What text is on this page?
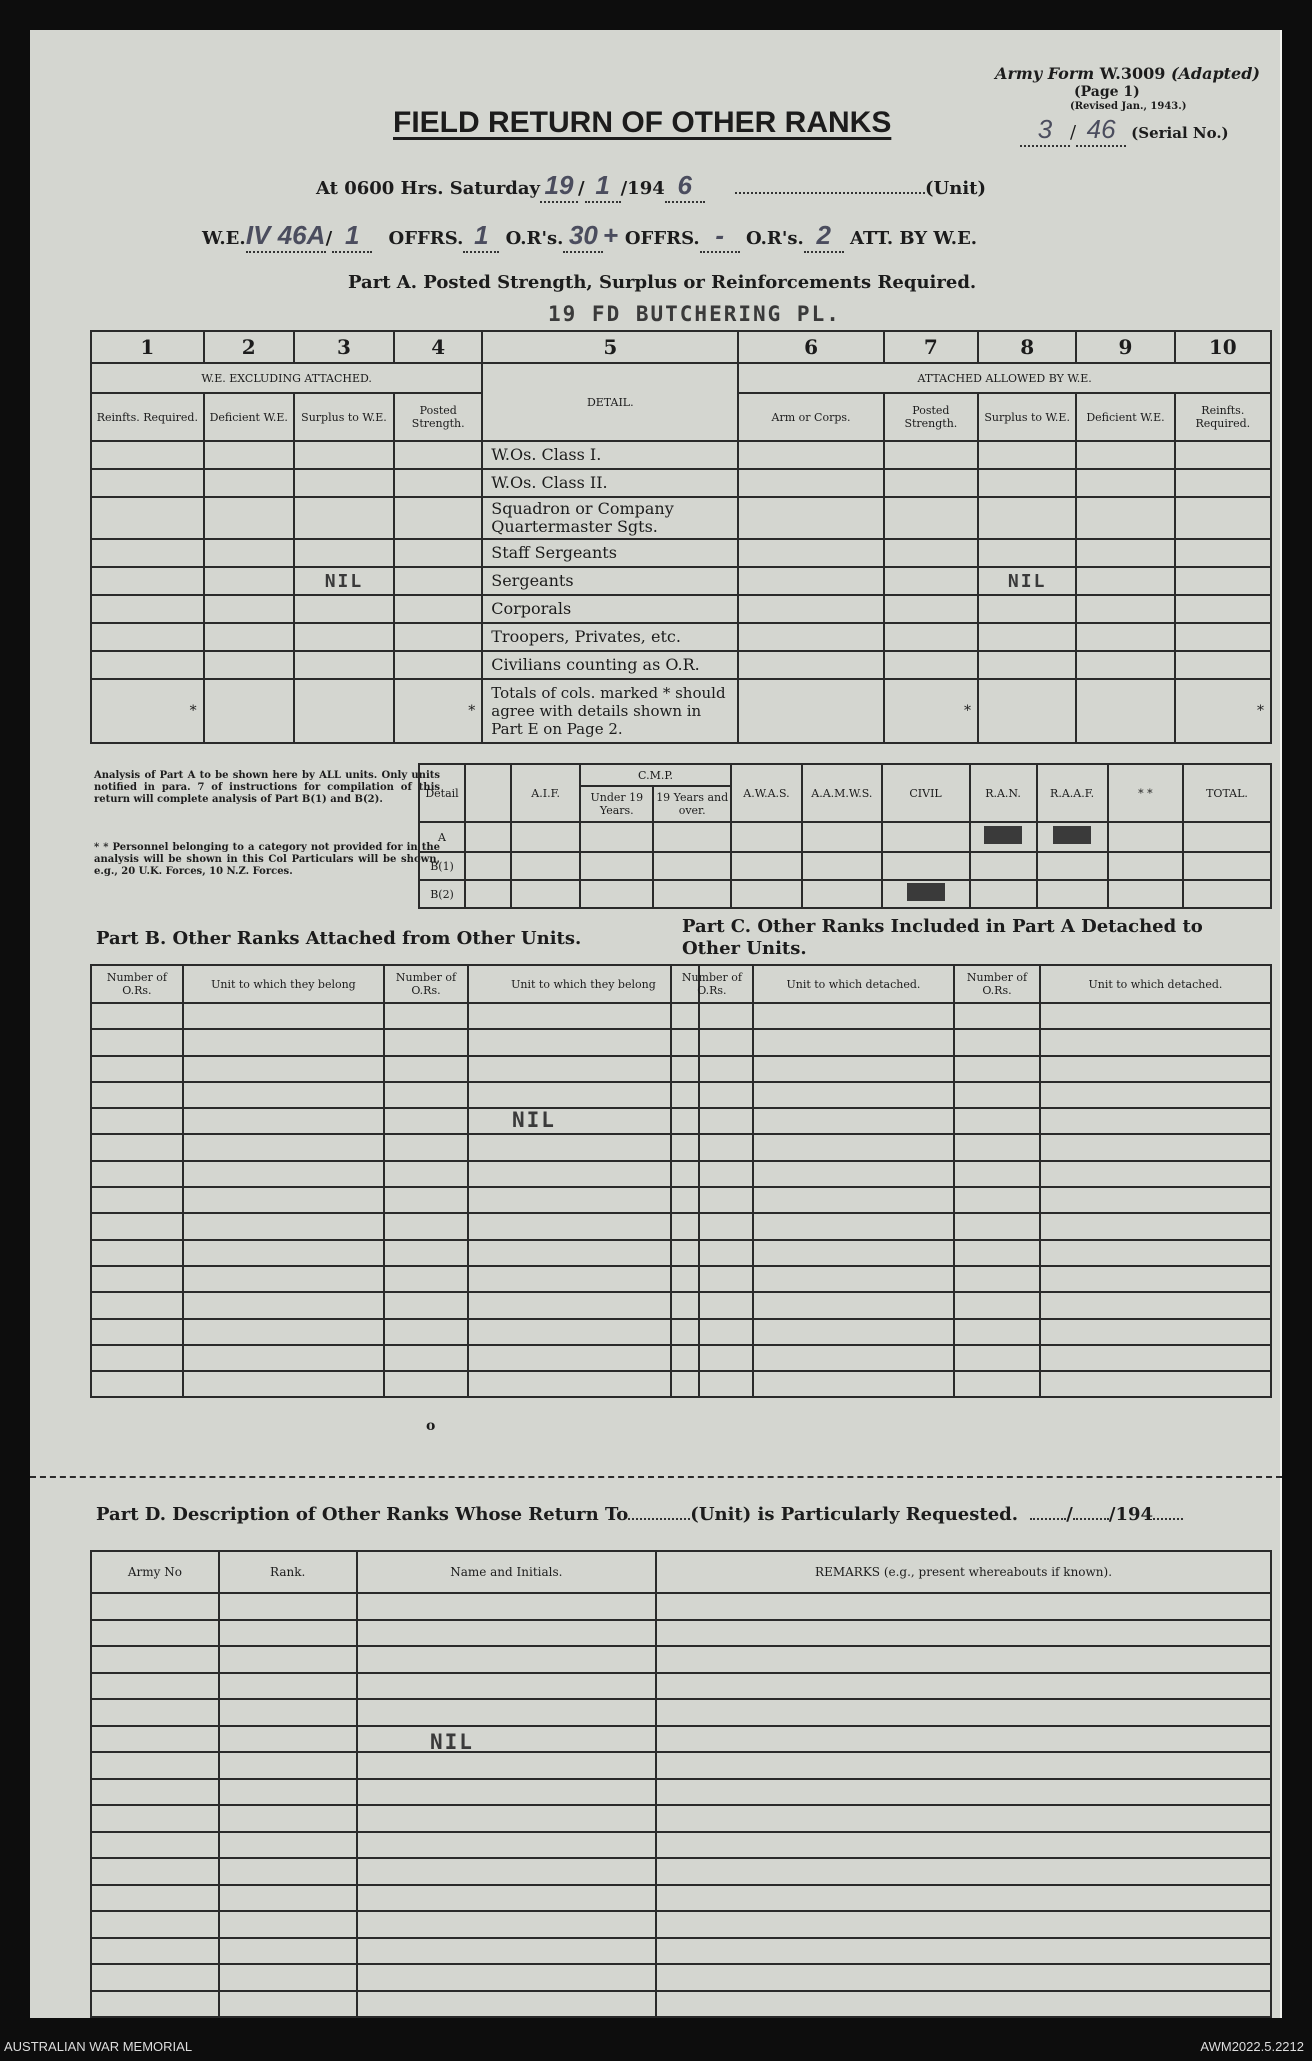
Army Form W.3009 (Adapted)
(Page 1)
(Revised Jan., 1943.)
3 / 46 (Serial No.)
FIELD RETURN OF OTHER RANKS
At 0600 Hrs. Saturday 19 / 1 /194 6	(Unit)
W.E.IV 46A/ 1 OFFRS. 1 O.R's. 30 + OFFRS. - O.R's. 2 ATT. BY W.E.
Part A. Posted Strength, Surplus or Reinforcements Required.
19 FD BUTCHERING PL.
1	2	3	4	5	6	7	8	9	10
W.E. EXCLUDING ATTACHED.				DETAIL.	ATTACHED ALLOWED BY W.E.				
Reinfts. Required.	Deficient W.E.	Surplus to W.E.	Posted Strength.		Arm or Corps.	Posted Strength.	Surplus to W.E.	Deficient W.E.	Reinfts. Required.
				W.Os. Class I.					
				W.Os. Class II.					
				Squadron or Company Quartermaster Sgts.					
				Staff Sergeants					
		NIL		Sergeants			NIL		
				Corporals					
				Troopers, Privates, etc.					
				Civilians counting as O.R.					
*			*	Totals of cols. marked * should agree with details shown in Part E on Page 2.		*			*
Analysis of Part A to be shown here by ALL units. Only units notified in para. 7 of instructions for compilation of this return will complete analysis of Part B(1) and B(2).
* * Personnel belonging to a category not provided for in the analysis will be shown in this Col Particulars will be shown, e.g., 20 U.K. Forces, 10 N.Z. Forces.
Detail		A.I.F.	C.M.P.		A.W.A.S.	A.A.M.W.S.	CIVIL	R.A.N.	R.A.A.F.	* *	TOTAL.
			Under 19 Years.	19 Years and over.							
A											
B(1)											
B(2)											
Part B. Other Ranks Attached from Other Units.
Part C. Other Ranks Included in Part A Detached to Other Units.
Number of O.Rs.	Unit to which they belong	Number of O.Rs.	Unit to which they belong

NIL
o
Number of O.Rs.	Unit to which detached.	Number of O.Rs.	Unit to which detached.

Part D. Description of Other Ranks Whose Return To	(Unit) is Particularly Requested.	/ /194
Army No	Rank.	Name and Initials.	REMARKS (e.g., present whereabouts if known).

NIL
AUSTRALIAN WAR MEMORIAL	AWM2022.5.2212
